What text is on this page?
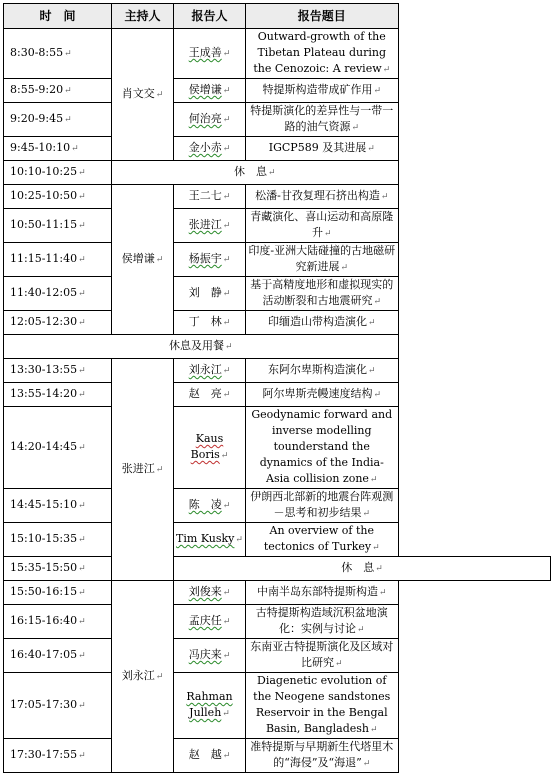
时　间	主持人	报告人	报告题目
8:30-8:55↵	肖文交↵	王成善↵	Outward-growth of the Tibetan Plateau during the Cenozoic: A review↵
8:55-9:20↵		侯增谦↵	特提斯构造带成矿作用↵
9:20-9:45↵		何治亮↵	特提斯演化的差异性与一带一路的油气资源↵
9:45-10:10↵		金小赤↵	IGCP589 及其进展↵
10:10-10:25↵	休　息↵		
10:25-10:50↵	侯增谦↵	王二七↵	松潘-甘孜复理石挤出构造↵
10:50-11:15↵		张进江↵	青藏演化、喜山运动和高原隆升↵
11:15-11:40↵		杨振宇↵	印度-亚洲大陆碰撞的古地磁研究新进展↵
11:40-12:05↵		刘　静↵	基于高精度地形和虚拟现实的活动断裂和古地震研究↵
12:05-12:30↵		丁　林↵	印缅造山带构造演化↵
休息及用餐↵			
13:30-13:55↵	张进江↵	刘永江↵	东阿尔卑斯构造演化↵
13:55-14:20↵		赵　亮↵	阿尔卑斯壳幔速度结构↵
14:20-14:45↵		Kaus Boris↵	Geodynamic forward and inverse modelling tounderstand the dynamics of the India-Asia collision zone↵
14:45-15:10↵		陈　凌↵	伊朗西北部新的地震台阵观测－思考和初步结果↵
15:10-15:35↵		Tim Kusky↵	An overview of the tectonics of Turkey↵
15:35-15:50↵		休　息↵	
15:50-16:15↵	刘永江↵	刘俊来↵	中南半岛东部特提斯构造↵
16:15-16:40↵		孟庆任↵	古特提斯构造域沉积盆地演化：实例与讨论↵
16:40-17:05↵		冯庆来↵	东南亚古特提斯演化及区域对比研究↵
17:05-17:30↵		Rahman Julleh↵	Diagenetic evolution of the Neogene sandstones Reservoir in the Bengal Basin, Bangladesh↵
17:30-17:55↵		赵　越↵	准特提斯与早期新生代塔里木的“海侵”及“海退”↵
